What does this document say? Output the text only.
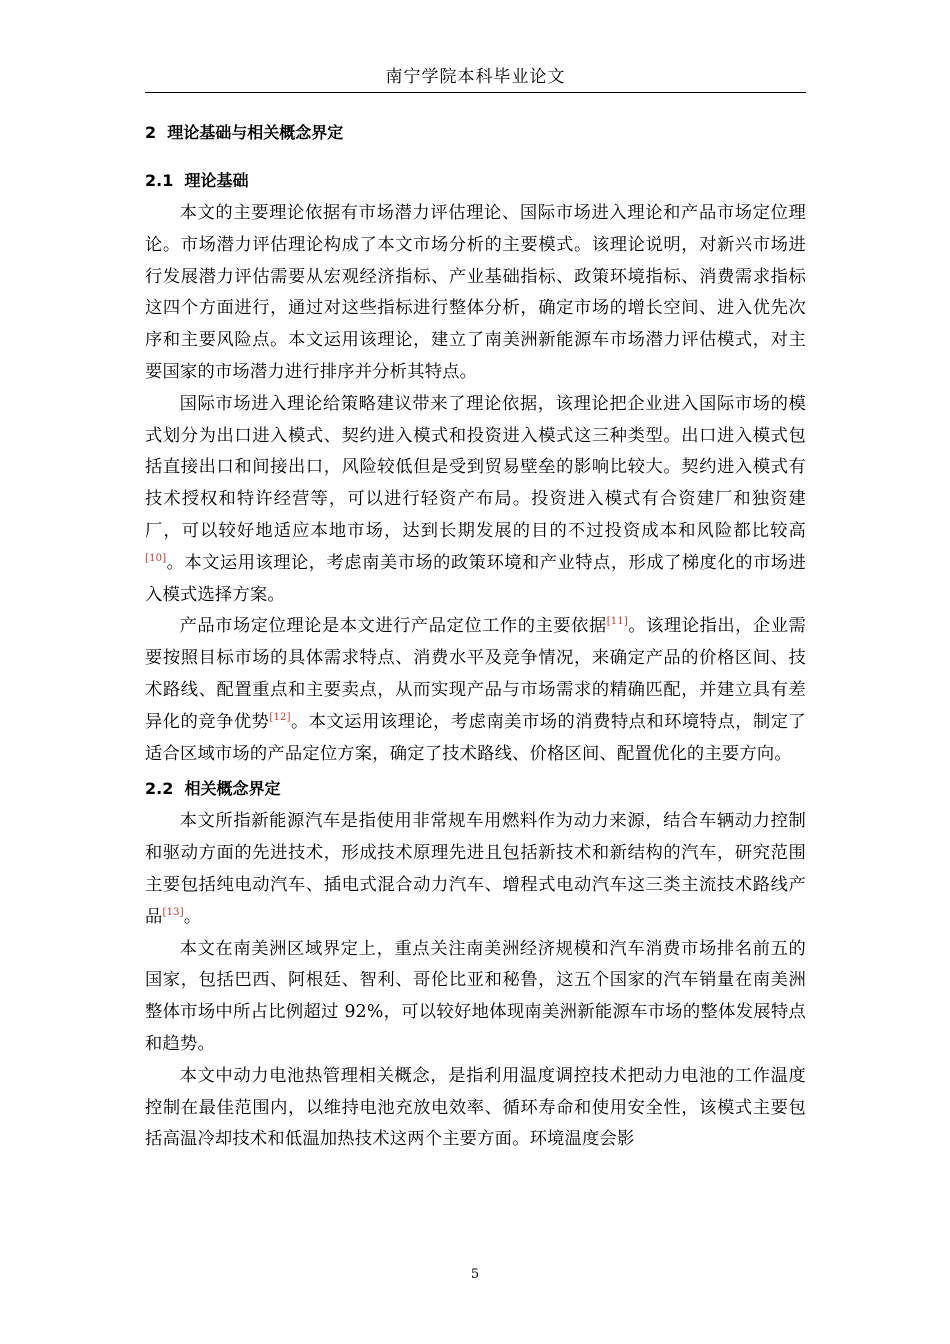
南宁学院本科毕业论文
2 理论基础与相关概念界定
2.1 理论基础

本文的主要理论依据有市场潜力评估理论、国际市场进入理论和产品市场定位理论。市场潜力评估理论构成了本文市场分析的主要模式。该理论说明，对新兴市场进行发展潜力评估需要从宏观经济指标、产业基础指标、政策环境指标、消费需求指标这四个方面进行，通过对这些指标进行整体分析，确定市场的增长空间、进入优先次序和主要风险点。本文运用该理论，建立了南美洲新能源车市场潜力评估模式，对主要国家的市场潜力进行排序并分析其特点。

国际市场进入理论给策略建议带来了理论依据，该理论把企业进入国际市场的模式划分为出口进入模式、契约进入模式和投资进入模式这三种类型。出口进入模式包括直接出口和间接出口，风险较低但是受到贸易壁垒的影响比较大。契约进入模式有技术授权和特许经营等，可以进行轻资产布局。投资进入模式有合资建厂和独资建厂，可以较好地适应本地市场，达到长期发展的目的不过投资成本和风险都比较高[10]。本文运用该理论，考虑南美市场的政策环境和产业特点，形成了梯度化的市场进入模式选择方案。

产品市场定位理论是本文进行产品定位工作的主要依据[11]。该理论指出，企业需要按照目标市场的具体需求特点、消费水平及竞争情况，来确定产品的价格区间、技术路线、配置重点和主要卖点，从而实现产品与市场需求的精确匹配，并建立具有差异化的竞争优势[12]。本文运用该理论，考虑南美市场的消费特点和环境特点，制定了适合区域市场的产品定位方案，确定了技术路线、价格区间、配置优化的主要方向。

2.2 相关概念界定

本文所指新能源汽车是指使用非常规车用燃料作为动力来源，结合车辆动力控制和驱动方面的先进技术，形成技术原理先进且包括新技术和新结构的汽车，研究范围主要包括纯电动汽车、插电式混合动力汽车、增程式电动汽车这三类主流技术路线产品[13]。

本文在南美洲区域界定上，重点关注南美洲经济规模和汽车消费市场排名前五的国家，包括巴西、阿根廷、智利、哥伦比亚和秘鲁，这五个国家的汽车销量在南美洲整体市场中所占比例超过 92%，可以较好地体现南美洲新能源车市场的整体发展特点和趋势。

本文中动力电池热管理相关概念，是指利用温度调控技术把动力电池的工作温度控制在最佳范围内，以维持电池充放电效率、循环寿命和使用安全性，该模式主要包括高温冷却技术和低温加热技术这两个主要方面。环境温度会影

5
